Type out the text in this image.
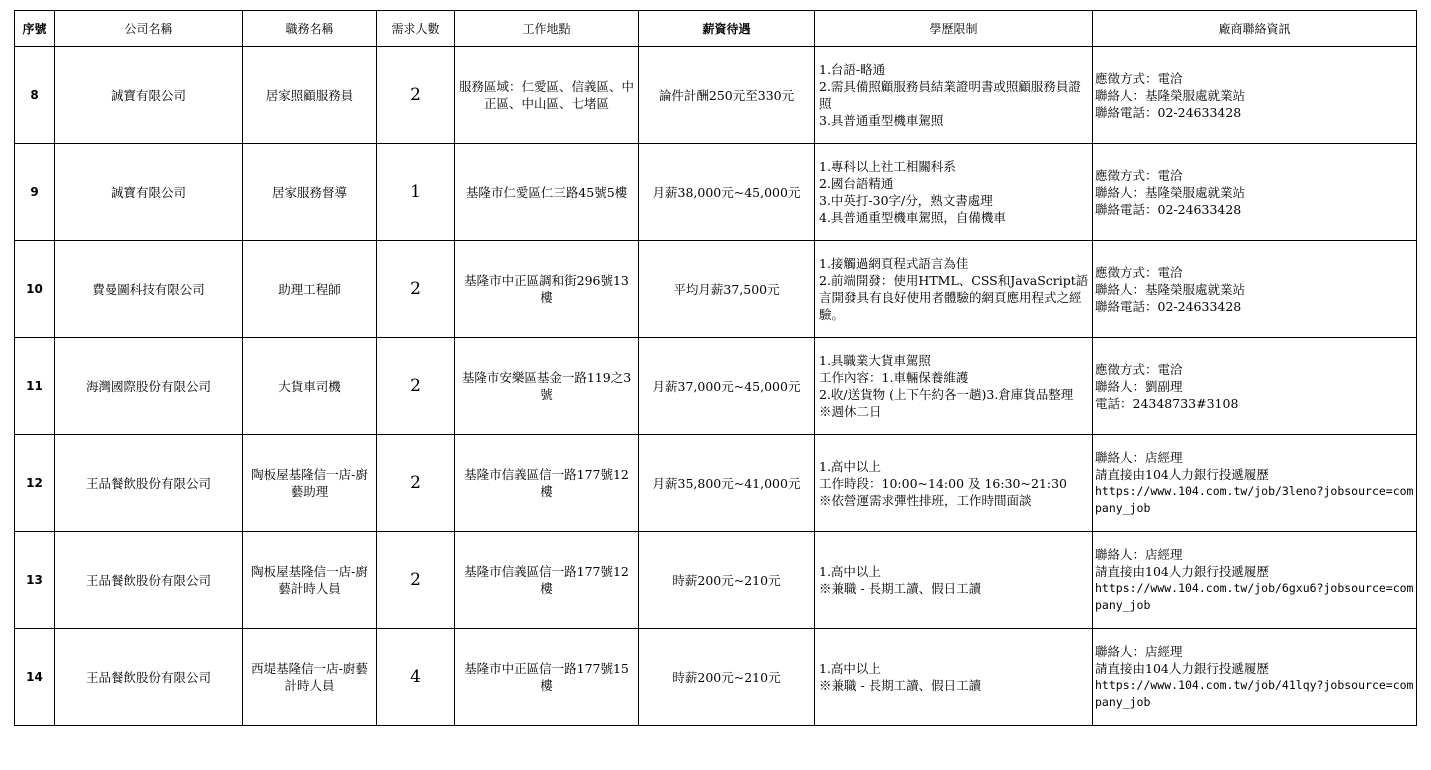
序號	公司名稱	職務名稱	需求人數	工作地點	薪資待遇	學歷限制	廠商聯絡資訊
8	誠寶有限公司	居家照顧服務員	2	服務區域：仁愛區、信義區、中正區、中山區、七堵區	論件計酬250元至330元	1.台語-略通
2.需具備照顧服務員結業證明書或照顧服務員證照
3.具普通重型機車駕照	應徵方式：電洽
聯絡人：基隆榮服處就業站
聯絡電話：02-24633428

9	誠寶有限公司	居家服務督導	1	基隆市仁愛區仁三路45號5樓	月薪38,000元~45,000元	1.專科以上社工相關科系
2.國台語精通
3.中英打-30字/分，熟文書處理
4.具普通重型機車駕照，自備機車	應徵方式：電洽
聯絡人：基隆榮服處就業站
聯絡電話：02-24633428

10	費曼圖科技有限公司	助理工程師	2	基隆市中正區調和街296號13樓	平均月薪37,500元	1.接觸過網頁程式語言為佳
2.前端開發：使用HTML、CSS和JavaScript語言開發具有良好使用者體驗的網頁應用程式之經驗。	應徵方式：電洽
聯絡人：基隆榮服處就業站
聯絡電話：02-24633428

11	海灣國際股份有限公司	大貨車司機	2	基隆市安樂區基金一路119之3號	月薪37,000元~45,000元	1.具職業大貨車駕照
工作內容：1.車輛保養維護
2.收/送貨物 (上下午約各一趟)3.倉庫貨品整理
※週休二日	應徵方式：電洽
聯絡人：劉副理
電話：24348733#3108

12	王品餐飲股份有限公司	陶板屋基隆信一店-廚藝助理	2	基隆市信義區信一路177號12樓	月薪35,800元~41,000元	1.高中以上
工作時段：10:00~14:00 及 16:30~21:30
※依營運需求彈性排班，工作時間面談	聯絡人：店經理
請直接由104人力銀行投遞履歷
https://www.104.com.tw/job/3leno?jobsource=company_job

13	王品餐飲股份有限公司	陶板屋基隆信一店-廚藝計時人員	2	基隆市信義區信一路177號12樓	時薪200元~210元	1.高中以上
※兼職 - 長期工讀、假日工讀	聯絡人：店經理
請直接由104人力銀行投遞履歷
https://www.104.com.tw/job/6gxu6?jobsource=company_job

14	王品餐飲股份有限公司	西堤基隆信一店-廚藝計時人員	4	基隆市中正區信一路177號15樓	時薪200元~210元	1.高中以上
※兼職 - 長期工讀、假日工讀	聯絡人：店經理
請直接由104人力銀行投遞履歷
https://www.104.com.tw/job/41lqy?jobsource=company_job
